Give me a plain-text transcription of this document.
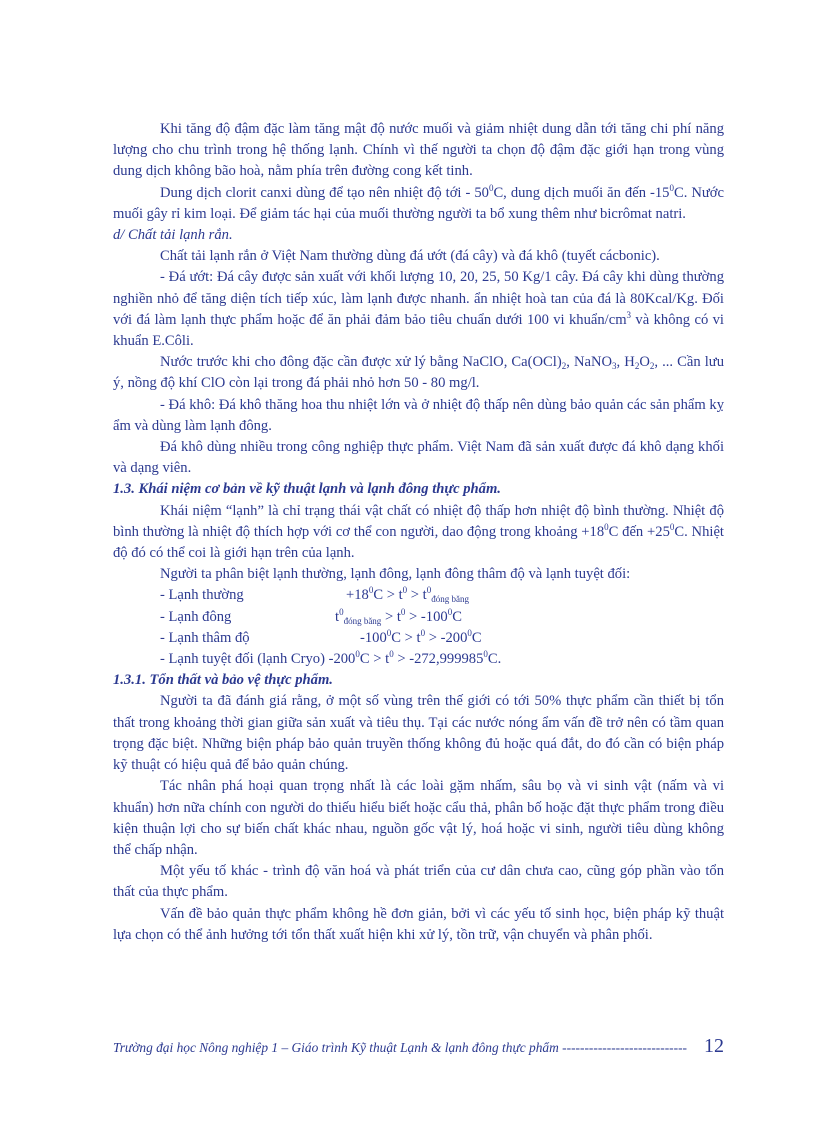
Khi tăng độ đậm đặc làm tăng mật độ nước muối và giảm nhiệt dung dẫn tới tăng chi phí năng lượng cho chu trình trong hệ thống lạnh. Chính vì thế người ta chọn độ đậm đặc giới hạn trong vùng dung dịch không bão hoà, nằm phía trên đường cong kết tinh.

Dung dịch clorit canxi dùng để tạo nên nhiệt độ tới - $50^0C$, dung dịch muối ăn đến $-15^0C$. Nước muối gây rỉ kim loại. Để giảm tác hại của muối thường người ta bổ xung thêm như bicrômat natri.

d/ Chất tải lạnh rắn.

Chất tải lạnh rắn ở Việt Nam thường dùng đá ướt (đá cây) và đá khô (tuyết cácbonic).

- Đá ướt: Đá cây được sản xuất với khối lượng 10, 20, 25, 50 Kg/1 cây. Đá cây khi dùng thường nghiền nhỏ để tăng diện tích tiếp xúc, làm lạnh được nhanh. ẩn nhiệt hoà tan của đá là 80Kcal/Kg. Đối với đá làm lạnh thực phẩm hoặc để ăn phải đảm bảo tiêu chuẩn dưới 100 vi khuẩn/$cm^3$ và không có vi khuẩn E.Côli.

Nước trước khi cho đông đặc cần được xử lý bằng NaClO, $Ca(OCl)_2$, NaNO$_3$, $H_2O_2$, ... Cần lưu ý, nồng độ khí ClO còn lại trong đá phải nhỏ hơn 50 - 80 mg/l.

- Đá khô: Đá khô thăng hoa thu nhiệt lớn và ở nhiệt độ thấp nên dùng bảo quản các sản phẩm kỵ ẩm và dùng làm lạnh đông.

Đá khô dùng nhiều trong công nghiệp thực phẩm. Việt Nam đã sản xuất được đá khô dạng khối và dạng viên.

1.3. Khái niệm cơ bản về kỹ thuật lạnh và lạnh đông thực phẩm.

Khái niệm “lạnh” là chỉ trạng thái vật chất có nhiệt độ thấp hơn nhiệt độ bình thường. Nhiệt độ bình thường là nhiệt độ thích hợp với cơ thể con người, dao động trong khoảng $+18^0C$ đến $+25^0C$. Nhiệt độ đó có thể coi là giới hạn trên của lạnh.

Người ta phân biệt lạnh thường, lạnh đông, lạnh đông thâm độ và lạnh tuyệt đối:

- Lạnh thường	$+18^0C > t^0 > t^0_{đóng băng}$
- Lạnh đông	$t^0_{đóng băng} > t^0 > -100^0C$
- Lạnh thâm độ	$-100^0C > t^0 > -200^0C$
- Lạnh tuyệt đối (lạnh Cryo) $-200^0C > t^0 > -272,999985^0C$.

1.3.1. Tổn thất và bảo vệ thực phẩm.

Người ta đã đánh giá rằng, ở một số vùng trên thế giới có tới 50% thực phẩm cần thiết bị tổn thất trong khoảng thời gian giữa sản xuất và tiêu thụ. Tại các nước nóng ẩm vấn đề trở nên có tầm quan trọng đặc biệt. Những biện pháp bảo quản truyền thống không đủ hoặc quá đắt, do đó cần có biện pháp kỹ thuật có hiệu quả để bảo quản chúng.

Tác nhân phá hoại quan trọng nhất là các loài gặm nhấm, sâu bọ và vi sinh vật (nấm và vi khuẩn) hơn nữa chính con người do thiếu hiểu biết hoặc cẩu thả, phân bố hoặc đặt thực phẩm trong điều kiện thuận lợi cho sự biến chất khác nhau, nguồn gốc vật lý, hoá hoặc vi sinh, người tiêu dùng không thể chấp nhận.

Một yếu tố khác - trình độ văn hoá và phát triển của cư dân chưa cao, cũng góp phần vào tổn thất của thực phẩm.

Vấn đề bảo quản thực phẩm không hề đơn giản, bởi vì các yếu tố sinh học, biện pháp kỹ thuật lựa chọn có thể ảnh hưởng tới tổn thất xuất hiện khi xử lý, tồn trữ, vận chuyển và phân phối.

Trường đại học Nông nghiệp 1 – Giáo trình Kỹ thuật Lạnh & lạnh đông thực phẩm ---------------------------- 12
